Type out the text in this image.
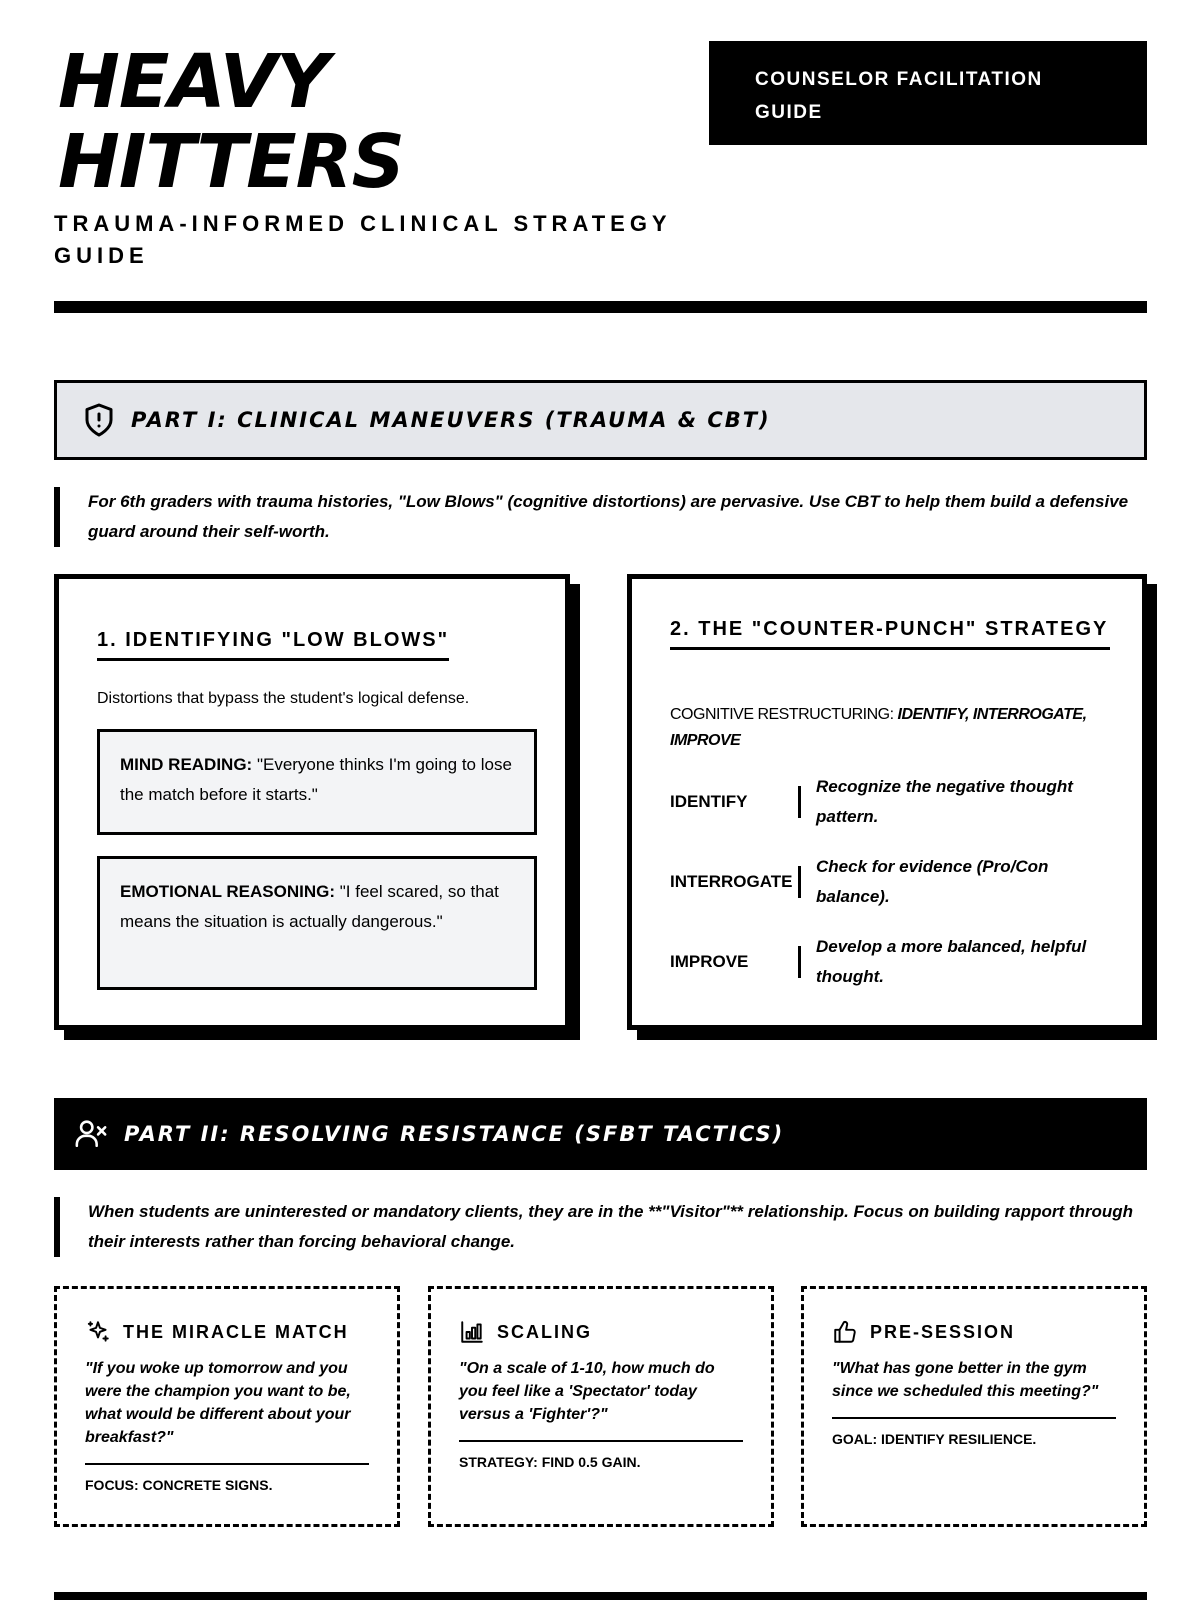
HEAVY
HITTERS

TRAUMA-INFORMED CLINICAL STRATEGY GUIDE

COUNSELOR FACILITATION GUIDE
PART I: CLINICAL MANEUVERS (TRAUMA & CBT)
For 6th graders with trauma histories, "Low Blows" (cognitive distortions) are pervasive. Use CBT to help them build a defensive guard around their self-worth.
1. IDENTIFYING "LOW BLOWS"
Distortions that bypass the student's logical defense.
MIND READING: "Everyone thinks I'm going to lose the match before it starts."
EMOTIONAL REASONING: "I feel scared, so that means the situation is actually dangerous."
2. THE "COUNTER-PUNCH" STRATEGY
COGNITIVE RESTRUCTURING: IDENTIFY, INTERROGATE, IMPROVE
IDENTIFY
Recognize the negative thought pattern.
INTERROGATE
Check for evidence (Pro/Con balance).
IMPROVE
Develop a more balanced, helpful thought.
PART II: RESOLVING RESISTANCE (SFBT TACTICS)
When students are uninterested or mandatory clients, they are in the **"Visitor"** relationship. Focus on building rapport through their interests rather than forcing behavioral change.
THE MIRACLE MATCH
"If you woke up tomorrow and you were the champion you want to be, what would be different about your breakfast?"
FOCUS: CONCRETE SIGNS.
SCALING
"On a scale of 1-10, how much do you feel like a 'Spectator' today versus a 'Fighter'?"
STRATEGY: FIND 0.5 GAIN.
PRE-SESSION
"What has gone better in the gym since we scheduled this meeting?"
GOAL: IDENTIFY RESILIENCE.
